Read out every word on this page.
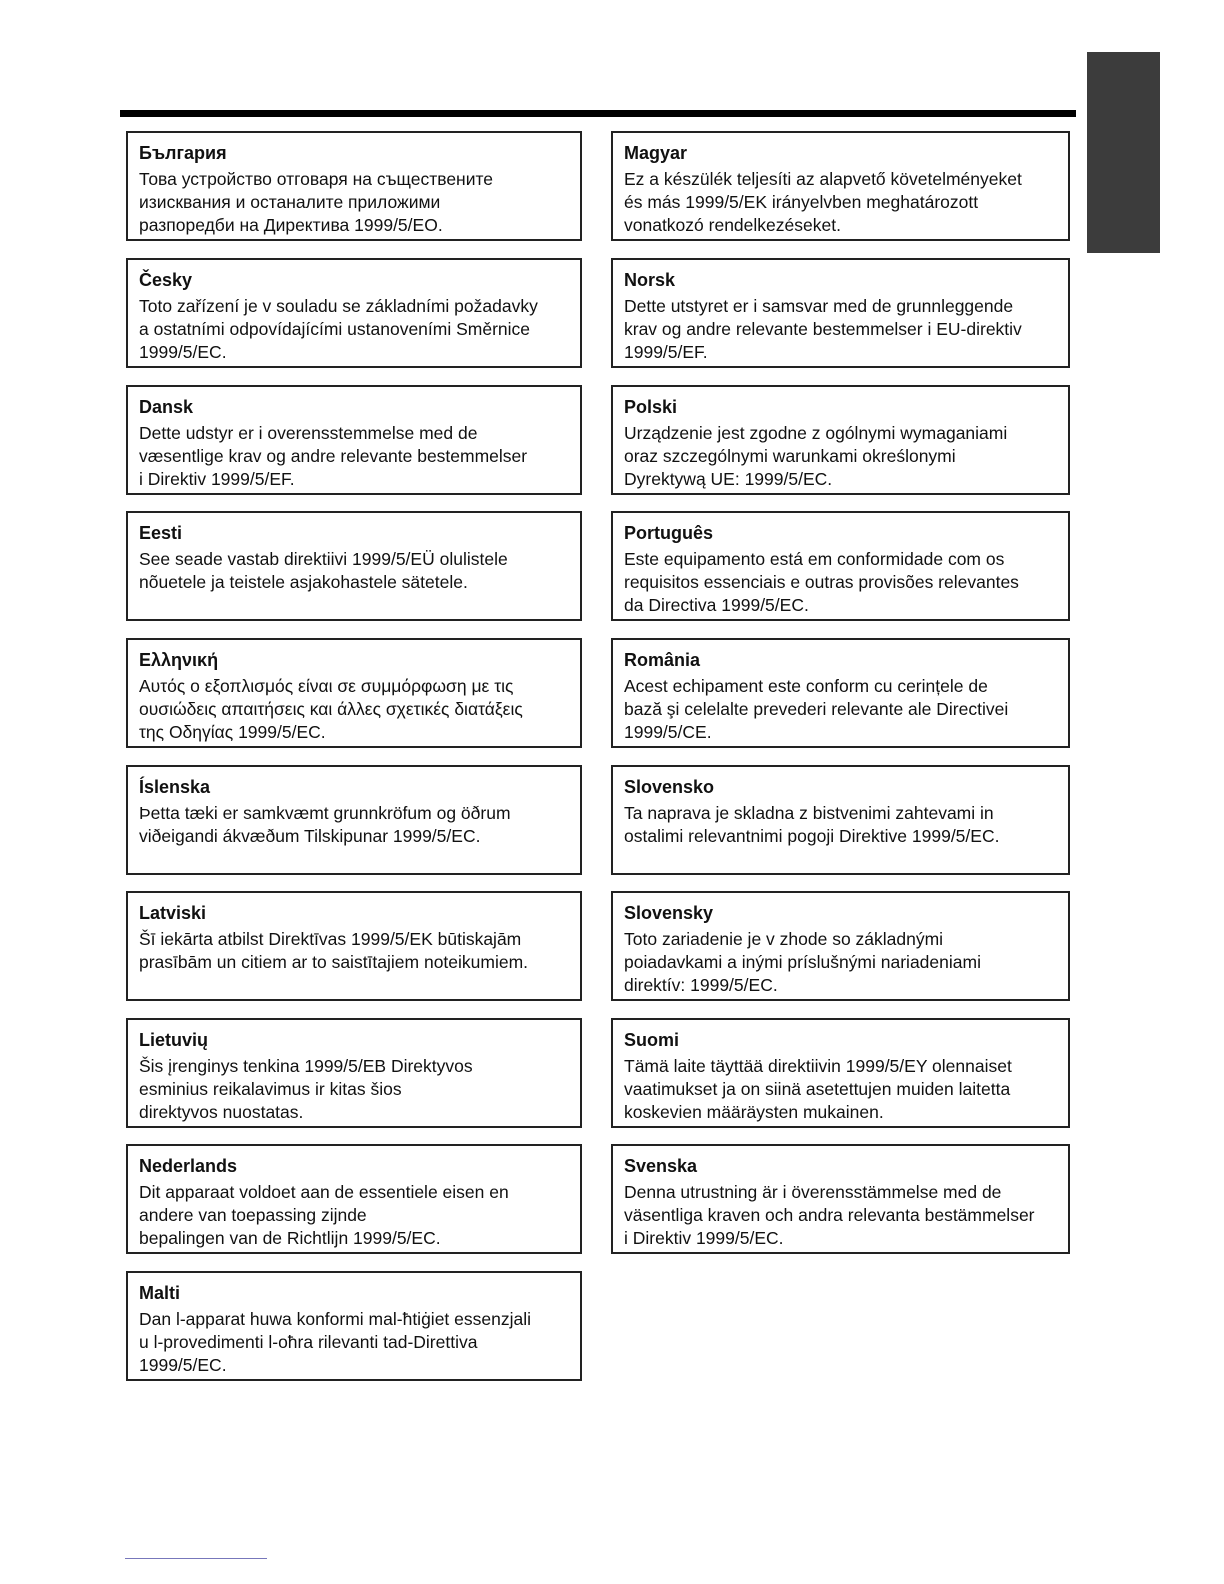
България
Това устройство отговаря на съществените
изисквания и останалите приложими
разпоредби на Директива 1999/5/ЕО.
Česky
Toto zařízení je v souladu se základními požadavky
a ostatními odpovídajícími ustanoveními Směrnice
1999/5/EC.
Dansk
Dette udstyr er i overensstemmelse med de
væsentlige krav og andre relevante bestemmelser
i Direktiv 1999/5/EF.
Eesti
See seade vastab direktiivi 1999/5/EÜ olulistele
nõuetele ja teistele asjakohastele sätetele.
Ελληνική
Αυτός ο εξοπλισμός είναι σε συμμόρφωση με τις
ουσιώδεις απαιτήσεις και άλλες σχετικές διατάξεις
της Οδηγίας 1999/5/EC.
Íslenska
Þetta tæki er samkvæmt grunnkröfum og öðrum
viðeigandi ákvæðum Tilskipunar 1999/5/EC.
Latviski
Šī iekārta atbilst Direktīvas 1999/5/EK būtiskajām
prasībām un citiem ar to saistītajiem noteikumiem.
Lietuvių
Šis įrenginys tenkina 1999/5/EB Direktyvos
esminius reikalavimus ir kitas šios
direktyvos nuostatas.
Nederlands
Dit apparaat voldoet aan de essentiele eisen en
andere van toepassing zijnde
bepalingen van de Richtlijn 1999/5/EC.
Malti
Dan l-apparat huwa konformi mal-ħtiġiet essenzjali
u l-provedimenti l-oħra rilevanti tad-Direttiva
1999/5/EC.
Magyar
Ez a készülék teljesíti az alapvető követelményeket
és más 1999/5/EK irányelvben meghatározott
vonatkozó rendelkezéseket.
Norsk
Dette utstyret er i samsvar med de grunnleggende
krav og andre relevante bestemmelser i EU-direktiv
1999/5/EF.
Polski
Urządzenie jest zgodne z ogólnymi wymaganiami
oraz szczególnymi warunkami określonymi
Dyrektywą UE: 1999/5/EC.
Português
Este equipamento está em conformidade com os
requisitos essenciais e outras provisões relevantes
da Directiva 1999/5/EC.
România
Acest echipament este conform cu cerințele de
bază şi celelalte prevederi relevante ale Directivei
1999/5/CE.
Slovensko
Ta naprava je skladna z bistvenimi zahtevami in
ostalimi relevantnimi pogoji Direktive 1999/5/EC.
Slovensky
Toto zariadenie je v zhode so základnými
poiadavkami a inými príslušnými nariadeniami
direktív: 1999/5/EC.
Suomi
Tämä laite täyttää direktiivin 1999/5/EY olennaiset
vaatimukset ja on siinä asetettujen muiden laitetta
koskevien määräysten mukainen.
Svenska
Denna utrustning är i överensstämmelse med de
väsentliga kraven och andra relevanta bestämmelser
i Direktiv 1999/5/EC.
